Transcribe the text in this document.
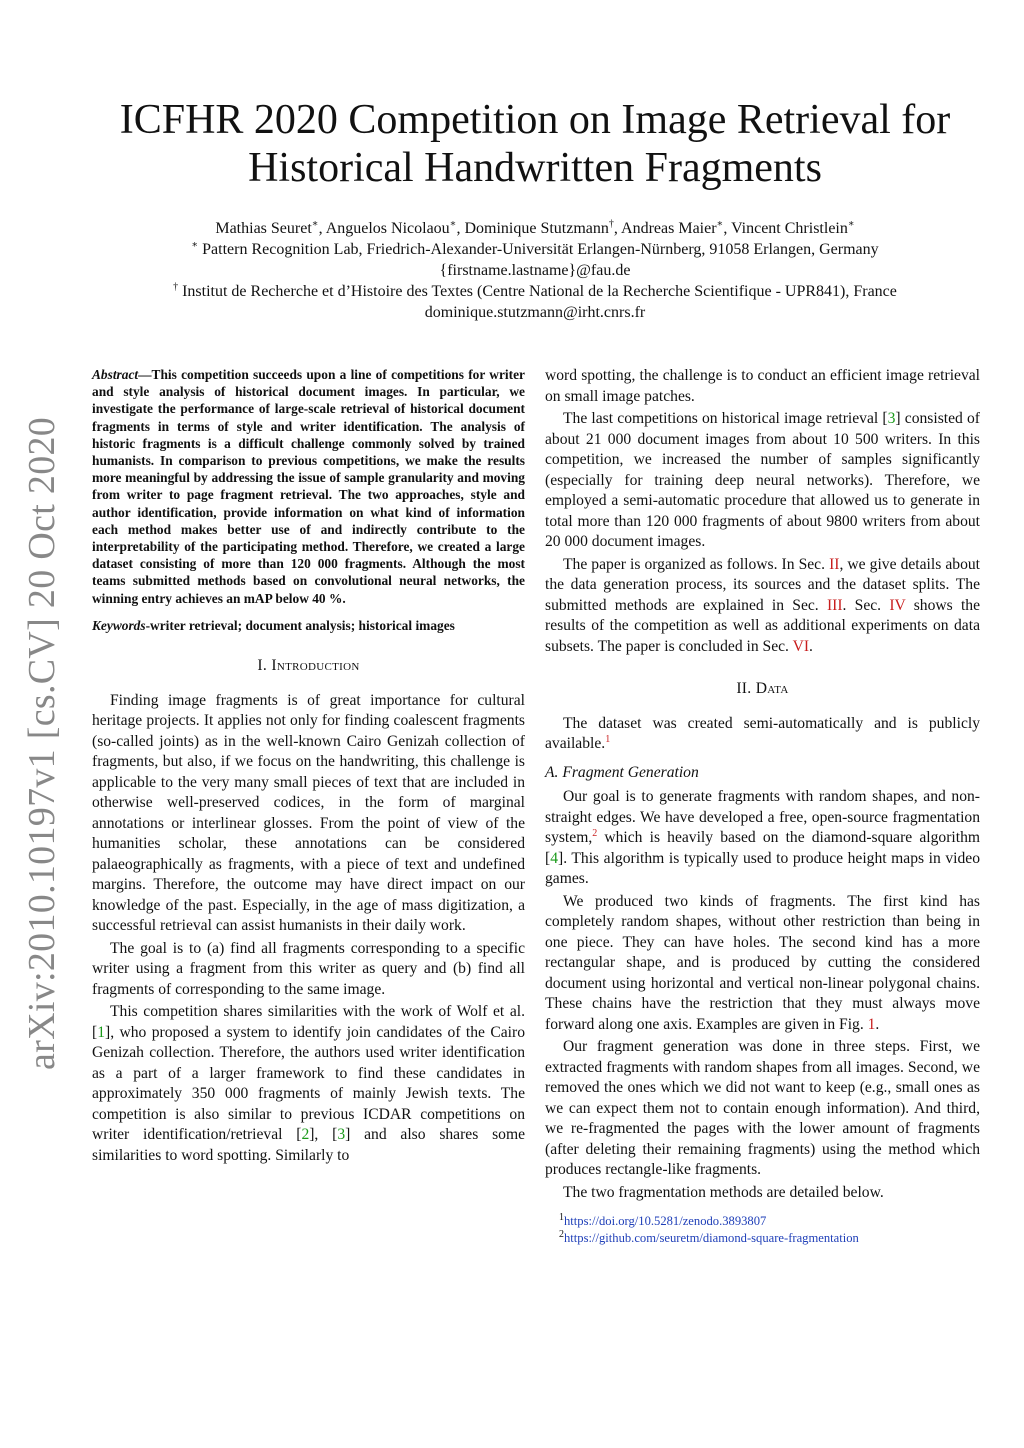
arXiv:2010.10197v1 [cs.CV] 20 Oct 2020
ICFHR 2020 Competition on Image Retrieval for
Historical Handwritten Fragments

Mathias Seuret∗, Anguelos Nicolaou∗, Dominique Stutzmann†, Andreas Maier∗, Vincent Christlein∗

∗ Pattern Recognition Lab, Friedrich-Alexander-Universität Erlangen-Nürnberg, 91058 Erlangen, Germany

{firstname.lastname}@fau.de

† Institut de Recherche et d’Histoire des Textes (Centre National de la Recherche Scientifique - UPR841), France

dominique.stutzmann@irht.cnrs.fr

Abstract—This competition succeeds upon a line of competitions for writer and style analysis of historical document images. In particular, we investigate the performance of large-scale retrieval of historical document fragments in terms of style and writer identification. The analysis of historic fragments is a difficult challenge commonly solved by trained humanists. In comparison to previous competitions, we make the results more meaningful by addressing the issue of sample granularity and moving from writer to page fragment retrieval. The two approaches, style and author identification, provide information on what kind of information each method makes better use of and indirectly contribute to the interpretability of the participating method. Therefore, we created a large dataset consisting of more than 120 000 fragments. Although the most teams submitted methods based on convolutional neural networks, the winning entry achieves an mAP below 40 %.

Keywords-writer retrieval; document analysis; historical images

I. Introduction

Finding image fragments is of great importance for cultural heritage projects. It applies not only for finding coalescent fragments (so-called joints) as in the well-known Cairo Genizah collection of fragments, but also, if we focus on the handwriting, this challenge is applicable to the very many small pieces of text that are included in otherwise well-preserved codices, in the form of marginal annotations or interlinear glosses. From the point of view of the humanities scholar, these annotations can be considered palaeographically as fragments, with a piece of text and undefined margins. Therefore, the outcome may have direct impact on our knowledge of the past. Especially, in the age of mass digitization, a successful retrieval can assist humanists in their daily work.

The goal is to (a) find all fragments corresponding to a specific writer using a fragment from this writer as query and (b) find all fragments of corresponding to the same image.

This competition shares similarities with the work of Wolf et al. [1], who proposed a system to identify join candidates of the Cairo Genizah collection. Therefore, the authors used writer identification as a part of a larger framework to find these candidates in approximately 350 000 fragments of mainly Jewish texts. The competition is also similar to previous ICDAR competitions on writer identification/retrieval [2], [3] and also shares some similarities to word spotting. Similarly to

word spotting, the challenge is to conduct an efficient image retrieval on small image patches.

The last competitions on historical image retrieval [3] consisted of about 21 000 document images from about 10 500 writers. In this competition, we increased the number of samples significantly (especially for training deep neural networks). Therefore, we employed a semi-automatic procedure that allowed us to generate in total more than 120 000 fragments of about 9800 writers from about 20 000 document images.

The paper is organized as follows. In Sec. II, we give details about the data generation process, its sources and the dataset splits. The submitted methods are explained in Sec. III. Sec. IV shows the results of the competition as well as additional experiments on data subsets. The paper is concluded in Sec. VI.

II. Data

The dataset was created semi-automatically and is publicly available.$^1$

A. Fragment Generation

Our goal is to generate fragments with random shapes, and non-straight edges. We have developed a free, open-source fragmentation system,$^2$ which is heavily based on the diamond-square algorithm [4]. This algorithm is typically used to produce height maps in video games.

We produced two kinds of fragments. The first kind has completely random shapes, without other restriction than being in one piece. They can have holes. The second kind has a more rectangular shape, and is produced by cutting the considered document using horizontal and vertical non-linear polygonal chains. These chains have the restriction that they must always move forward along one axis. Examples are given in Fig. 1.

Our fragment generation was done in three steps. First, we extracted fragments with random shapes from all images. Second, we removed the ones which we did not want to keep (e.g., small ones as we can expect them not to contain enough information). And third, we re-fragmented the pages with the lower amount of fragments (after deleting their remaining fragments) using the method which produces rectangle-like fragments.

The two fragmentation methods are detailed below.

$^1$https://doi.org/10.5281/zenodo.3893807

$^2$https://github.com/seuretm/diamond-square-fragmentation
